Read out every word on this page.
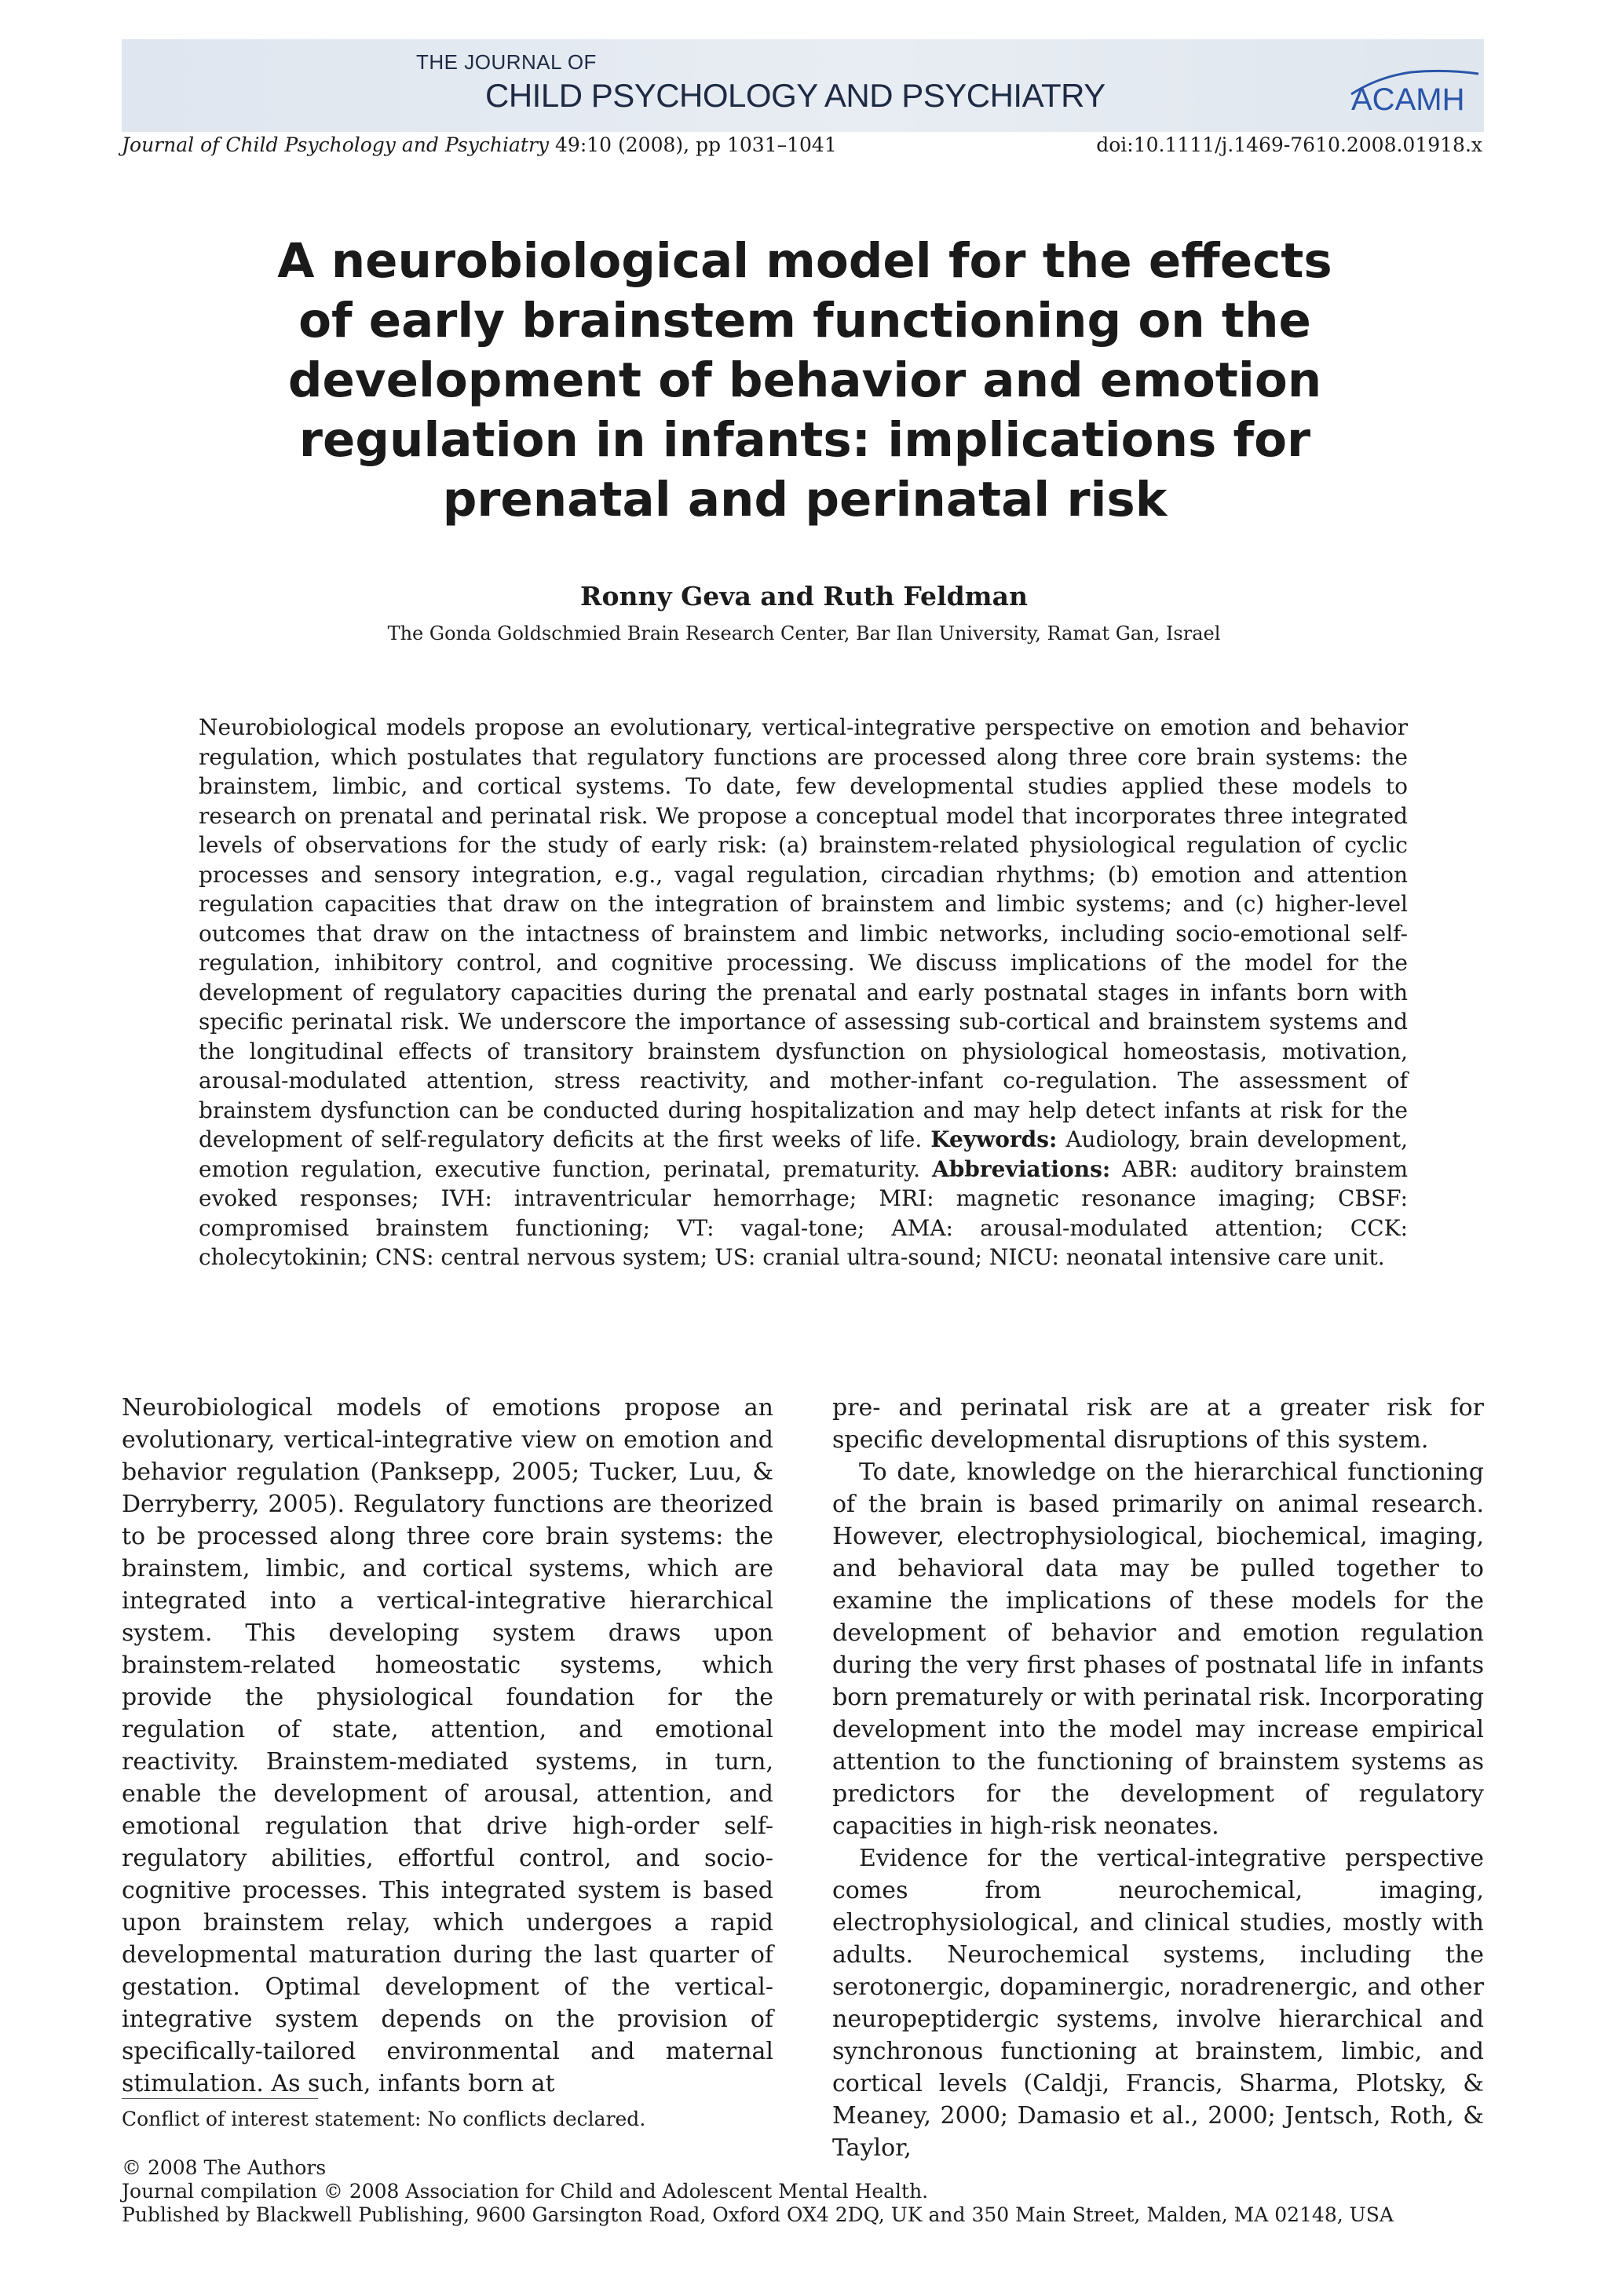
THE JOURNAL OF
CHILD PSYCHOLOGY AND PSYCHIATRY	ACAMH
Journal of Child Psychology and Psychiatry 49:10 (2008), pp 1031–1041	doi:10.1111/j.1469-7610.2008.01918.x
A neurobiological model for the effects
of early brainstem functioning on the
development of behavior and emotion
regulation in infants: implications for
prenatal and perinatal risk
Ronny Geva and Ruth Feldman
The Gonda Goldschmied Brain Research Center, Bar Ilan University, Ramat Gan, Israel
Neurobiological models propose an evolutionary, vertical-integrative perspective on emotion and behavior regulation, which postulates that regulatory functions are processed along three core brain systems: the brainstem, limbic, and cortical systems. To date, few developmental studies applied these models to research on prenatal and perinatal risk. We propose a conceptual model that incorporates three integrated levels of observations for the study of early risk: (a) brainstem-related physiological regulation of cyclic processes and sensory integration, e.g., vagal regulation, circadian rhythms; (b) emotion and attention regulation capacities that draw on the integration of brainstem and limbic systems; and (c) higher-level outcomes that draw on the intactness of brainstem and limbic networks, including socio-emotional self-regulation, inhibitory control, and cognitive processing. We discuss implications of the model for the development of regulatory capacities during the prenatal and early postnatal stages in infants born with specific perinatal risk. We underscore the importance of assessing sub-cortical and brainstem systems and the longitudinal effects of transitory brainstem dysfunction on physiological homeostasis, motivation, arousal-modulated attention, stress reactivity, and mother-infant co-regulation. The assessment of brainstem dysfunction can be conducted during hospitalization and may help detect infants at risk for the development of self-regulatory deficits at the first weeks of life. Keywords: Audiology, brain development, emotion regulation, executive function, perinatal, prematurity. Abbreviations: ABR: auditory brainstem evoked responses; IVH: intraventricular hemorrhage; MRI: magnetic resonance imaging; CBSF: compromised brainstem functioning; VT: vagal-tone; AMA: arousal-modulated attention; CCK: cholecytokinin; CNS: central nervous system; US: cranial ultra-sound; NICU: neonatal intensive care unit.

Neurobiological models of emotions propose an evolutionary, vertical-integrative view on emotion and behavior regulation (Panksepp, 2005; Tucker, Luu, & Derryberry, 2005). Regulatory functions are theorized to be processed along three core brain systems: the brainstem, limbic, and cortical systems, which are integrated into a vertical-integrative hierarchical system. This developing system draws upon brainstem-related homeostatic systems, which provide the physiological foundation for the regulation of state, attention, and emotional reactivity. Brainstem-mediated systems, in turn, enable the development of arousal, attention, and emotional regulation that drive high-order self-regulatory abilities, effortful control, and socio-cognitive processes. This integrated system is based upon brainstem relay, which undergoes a rapid developmental maturation during the last quarter of gestation. Optimal development of the vertical-integrative system depends on the provision of specifically-tailored environmental and maternal stimulation. As such, infants born at

pre- and perinatal risk are at a greater risk for specific developmental disruptions of this system.

To date, knowledge on the hierarchical functioning of the brain is based primarily on animal research. However, electrophysiological, biochemical, imaging, and behavioral data may be pulled together to examine the implications of these models for the development of behavior and emotion regulation during the very first phases of postnatal life in infants born prematurely or with perinatal risk. Incorporating development into the model may increase empirical attention to the functioning of brainstem systems as predictors for the development of regulatory capacities in high-risk neonates.

Evidence for the vertical-integrative perspective comes from neurochemical, imaging, electrophysiological, and clinical studies, mostly with adults. Neurochemical systems, including the serotonergic, dopaminergic, noradrenergic, and other neuropeptidergic systems, involve hierarchical and synchronous functioning at brainstem, limbic, and cortical levels (Caldji, Francis, Sharma, Plotsky, & Meaney, 2000; Damasio et al., 2000; Jentsch, Roth, & Taylor,

Conflict of interest statement: No conflicts declared.
© 2008 The Authors
Journal compilation © 2008 Association for Child and Adolescent Mental Health.
Published by Blackwell Publishing, 9600 Garsington Road, Oxford OX4 2DQ, UK and 350 Main Street, Malden, MA 02148, USA
